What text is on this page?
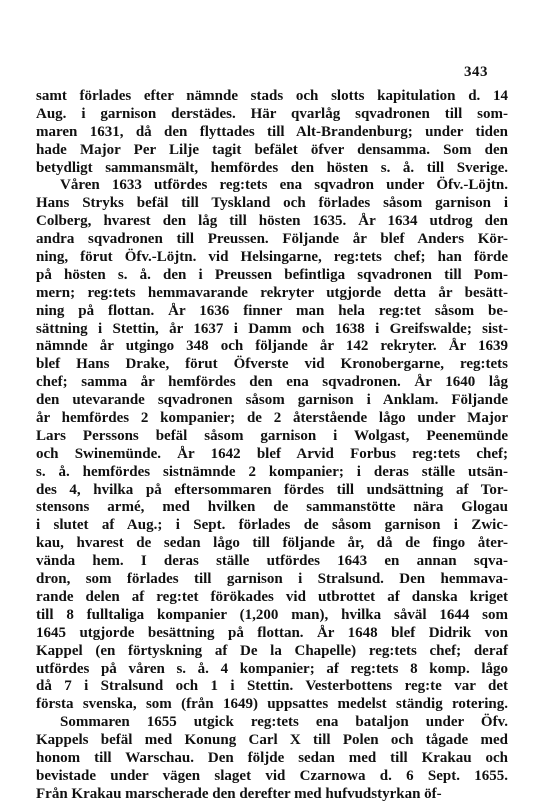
343
samt förlades efter nämnde stads och slotts kapitulation d. 14
Aug. i garnison derstädes. Här qvarlåg sqvadronen till som-
maren 1631, då den flyttades till Alt-Brandenburg; under tiden
hade Major Per Lilje tagit befälet öfver densamma. Som den
betydligt sammansmält, hemfördes den hösten s. å. till Sverige.
Våren 1633 utfördes reg:tets ena sqvadron under Öfv.-Löjtn.
Hans Stryks befäl till Tyskland och förlades såsom garnison i
Colberg, hvarest den låg till hösten 1635. År 1634 utdrog den
andra sqvadronen till Preussen. Följande år blef Anders Kör-
ning, förut Öfv.-Löjtn. vid Helsingarne, reg:tets chef; han förde
på hösten s. å. den i Preussen befintliga sqvadronen till Pom-
mern; reg:tets hemmavarande rekryter utgjorde detta år besätt-
ning på flottan. År 1636 finner man hela reg:tet såsom be-
sättning i Stettin, år 1637 i Damm och 1638 i Greifswalde; sist-
nämnde år utgingo 348 och följande år 142 rekryter. År 1639
blef Hans Drake, förut Öfverste vid Kronobergarne, reg:tets
chef; samma år hemfördes den ena sqvadronen. År 1640 låg
den utevarande sqvadronen såsom garnison i Anklam. Följande
år hemfördes 2 kompanier; de 2 återstående lågo under Major
Lars Perssons befäl såsom garnison i Wolgast, Peenemünde
och Swinemünde. År 1642 blef Arvid Forbus reg:tets chef;
s. å. hemfördes sistnämnde 2 kompanier; i deras ställe utsän-
des 4, hvilka på eftersommaren fördes till undsättning af Tor-
stensons armé, med hvilken de sammanstötte nära Glogau
i slutet af Aug.; i Sept. förlades de såsom garnison i Zwic-
kau, hvarest de sedan lågo till följande år, då de fingo åter-
vända hem. I deras ställe utfördes 1643 en annan sqva-
dron, som förlades till garnison i Stralsund. Den hemmava-
rande delen af reg:tet förökades vid utbrottet af danska kriget
till 8 fulltaliga kompanier (1,200 man), hvilka såväl 1644 som
1645 utgjorde besättning på flottan. År 1648 blef Didrik von
Kappel (en förtyskning af De la Chapelle) reg:tets chef; deraf
utfördes på våren s. å. 4 kompanier; af reg:tets 8 komp. lågo
då 7 i Stralsund och 1 i Stettin. Vesterbottens reg:te var det
första svenska, som (från 1649) uppsattes medelst ständig rotering.
Sommaren 1655 utgick reg:tets ena bataljon under Öfv.
Kappels befäl med Konung Carl X till Polen och tågade med
honom till Warschau. Den följde sedan med till Krakau och
bevistade under vägen slaget vid Czarnowa d. 6 Sept. 1655.
Från Krakau marscherade den derefter med hufvudstyrkan öf-
